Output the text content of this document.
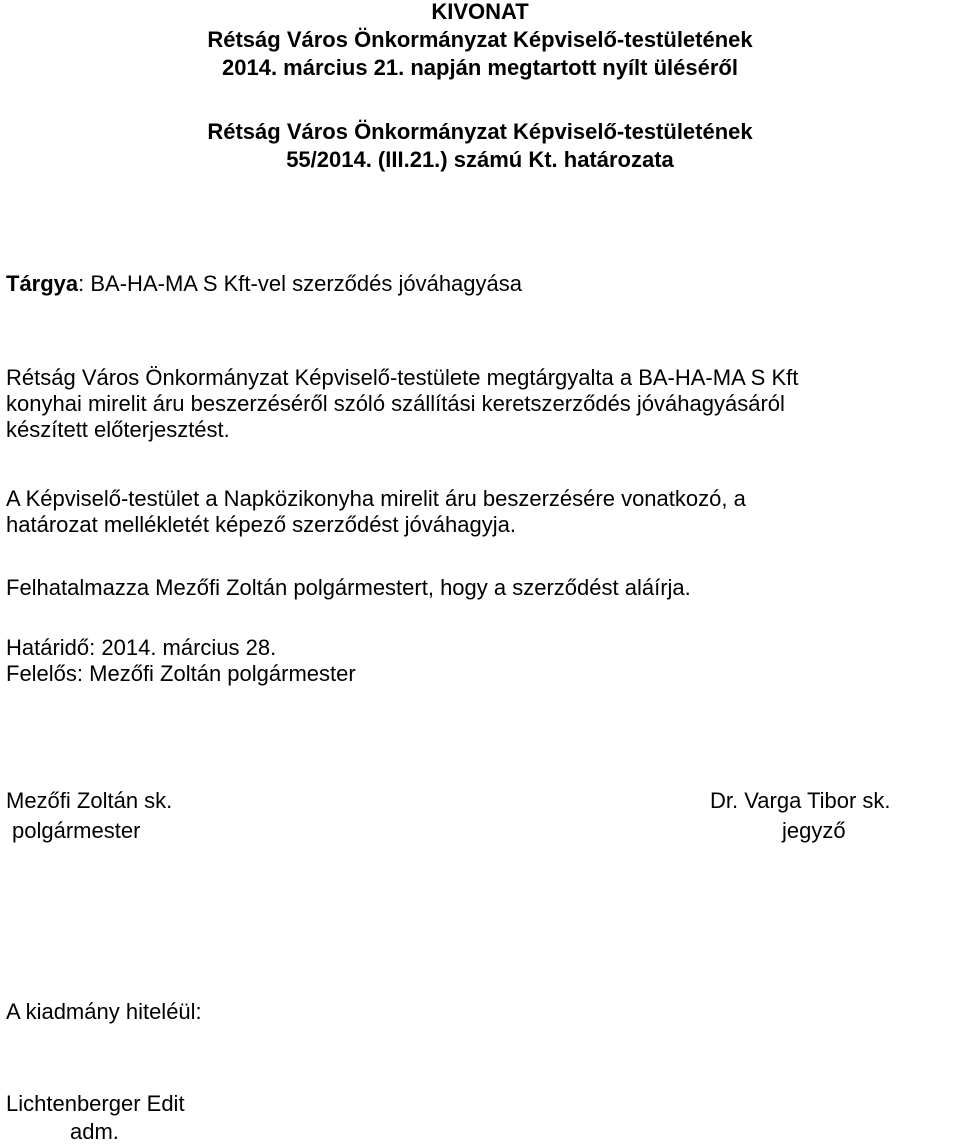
KIVONAT
Rétság Város Önkormányzat Képviselő-testületének
2014. március 21. napján megtartott nyílt üléséről
Rétság Város Önkormányzat Képviselő-testületének
55/2014. (III.21.) számú Kt. határozata
Tárgya: BA-HA-MA S Kft-vel szerződés jóváhagyása
Rétság Város Önkormányzat Képviselő-testülete megtárgyalta a BA-HA-MA S Kft
konyhai mirelit áru beszerzéséről szóló szállítási keretszerződés jóváhagyásáról
készített előterjesztést.
A Képviselő-testület a Napközikonyha mirelit áru beszerzésére vonatkozó, a
határozat mellékletét képező szerződést jóváhagyja.
Felhatalmazza Mezőfi Zoltán polgármestert, hogy a szerződést aláírja.
Határidő: 2014. március 28.
Felelős: Mezőfi Zoltán polgármester
Mezőfi Zoltán sk.
polgármester
Dr. Varga Tibor sk.
jegyző
A kiadmány hiteléül:
Lichtenberger Edit
adm.
